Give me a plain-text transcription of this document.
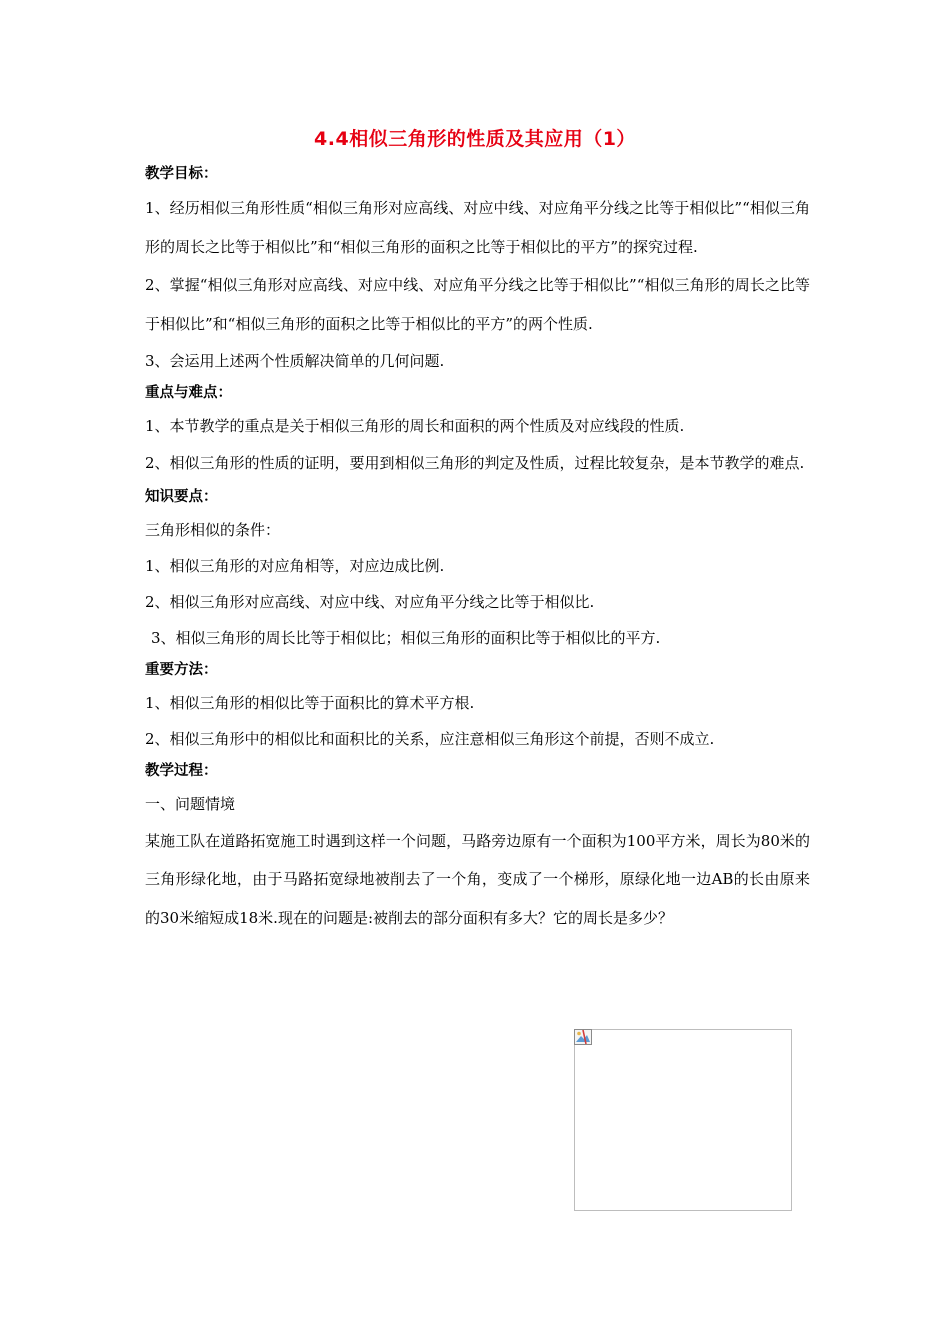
4.4相似三角形的性质及其应用（1）
教学目标：
1、经历相似三角形性质“相似三角形对应高线、对应中线、对应角平分线之比等于相似比”“相似三角形的周长之比等于相似比”和“相似三角形的面积之比等于相似比的平方”的探究过程.
2、掌握“相似三角形对应高线、对应中线、对应角平分线之比等于相似比”“相似三角形的周长之比等于相似比”和“相似三角形的面积之比等于相似比的平方”的两个性质.
3、会运用上述两个性质解决简单的几何问题.
重点与难点：
1、本节教学的重点是关于相似三角形的周长和面积的两个性质及对应线段的性质.
2、相似三角形的性质的证明，要用到相似三角形的判定及性质，过程比较复杂，是本节教学的难点.
知识要点：
三角形相似的条件：
1、相似三角形的对应角相等，对应边成比例.
2、相似三角形对应高线、对应中线、对应角平分线之比等于相似比.
3、相似三角形的周长比等于相似比；相似三角形的面积比等于相似比的平方.
重要方法：
1、相似三角形的相似比等于面积比的算术平方根.
2、相似三角形中的相似比和面积比的关系，应注意相似三角形这个前提，否则不成立.
教学过程：
一、问题情境
某施工队在道路拓宽施工时遇到这样一个问题，马路旁边原有一个面积为100平方米，周长为80米的三角形绿化地，由于马路拓宽绿地被削去了一个角，变成了一个梯形，原绿化地一边AB的长由原来的30米缩短成18米.现在的问题是:被削去的部分面积有多大？它的周长是多少？
